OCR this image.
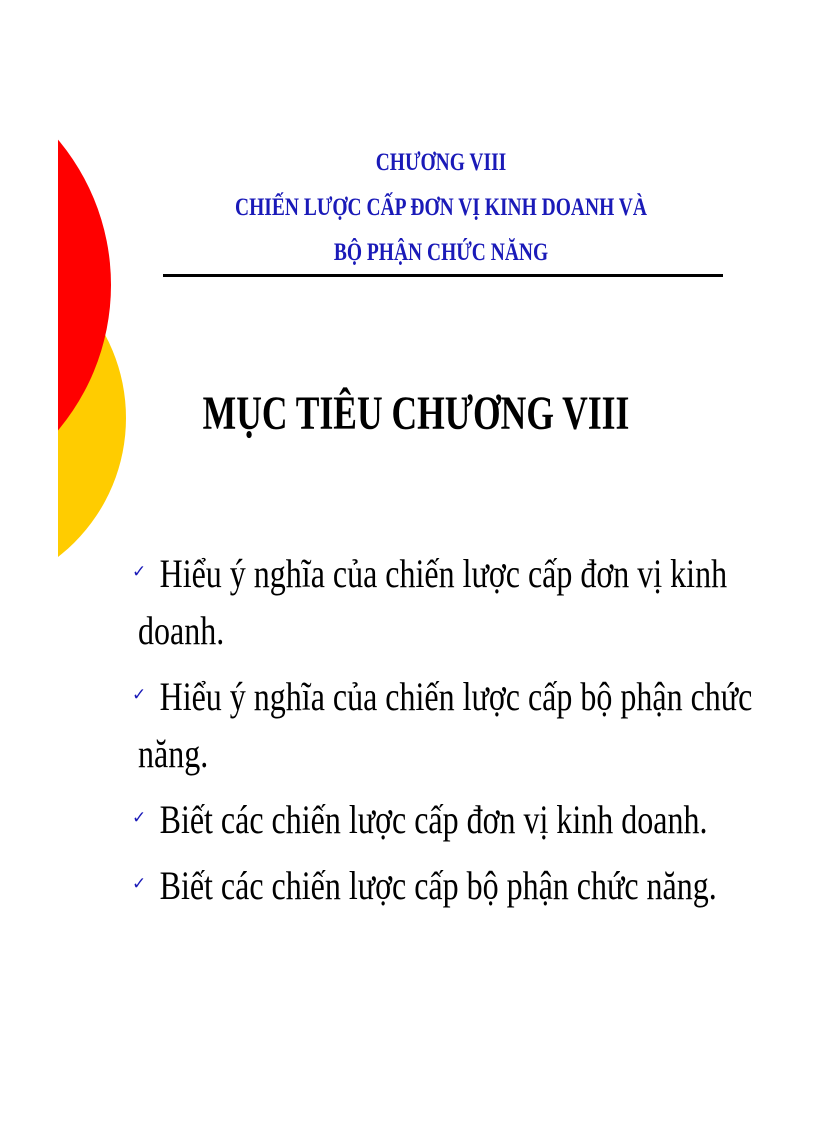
CHƯƠNG VIII
CHIẾN LƯỢC CẤP ĐƠN VỊ KINH DOANH VÀ
BỘ PHẬN CHỨC NĂNG
MỤC TIÊU CHƯƠNG VIII
✓ Hiểu ý nghĩa của chiến lược cấp đơn vị kinh
doanh.
✓ Hiểu ý nghĩa của chiến lược cấp bộ phận chức
năng.
✓ Biết các chiến lược cấp đơn vị kinh doanh.
✓ Biết các chiến lược cấp bộ phận chức năng.
